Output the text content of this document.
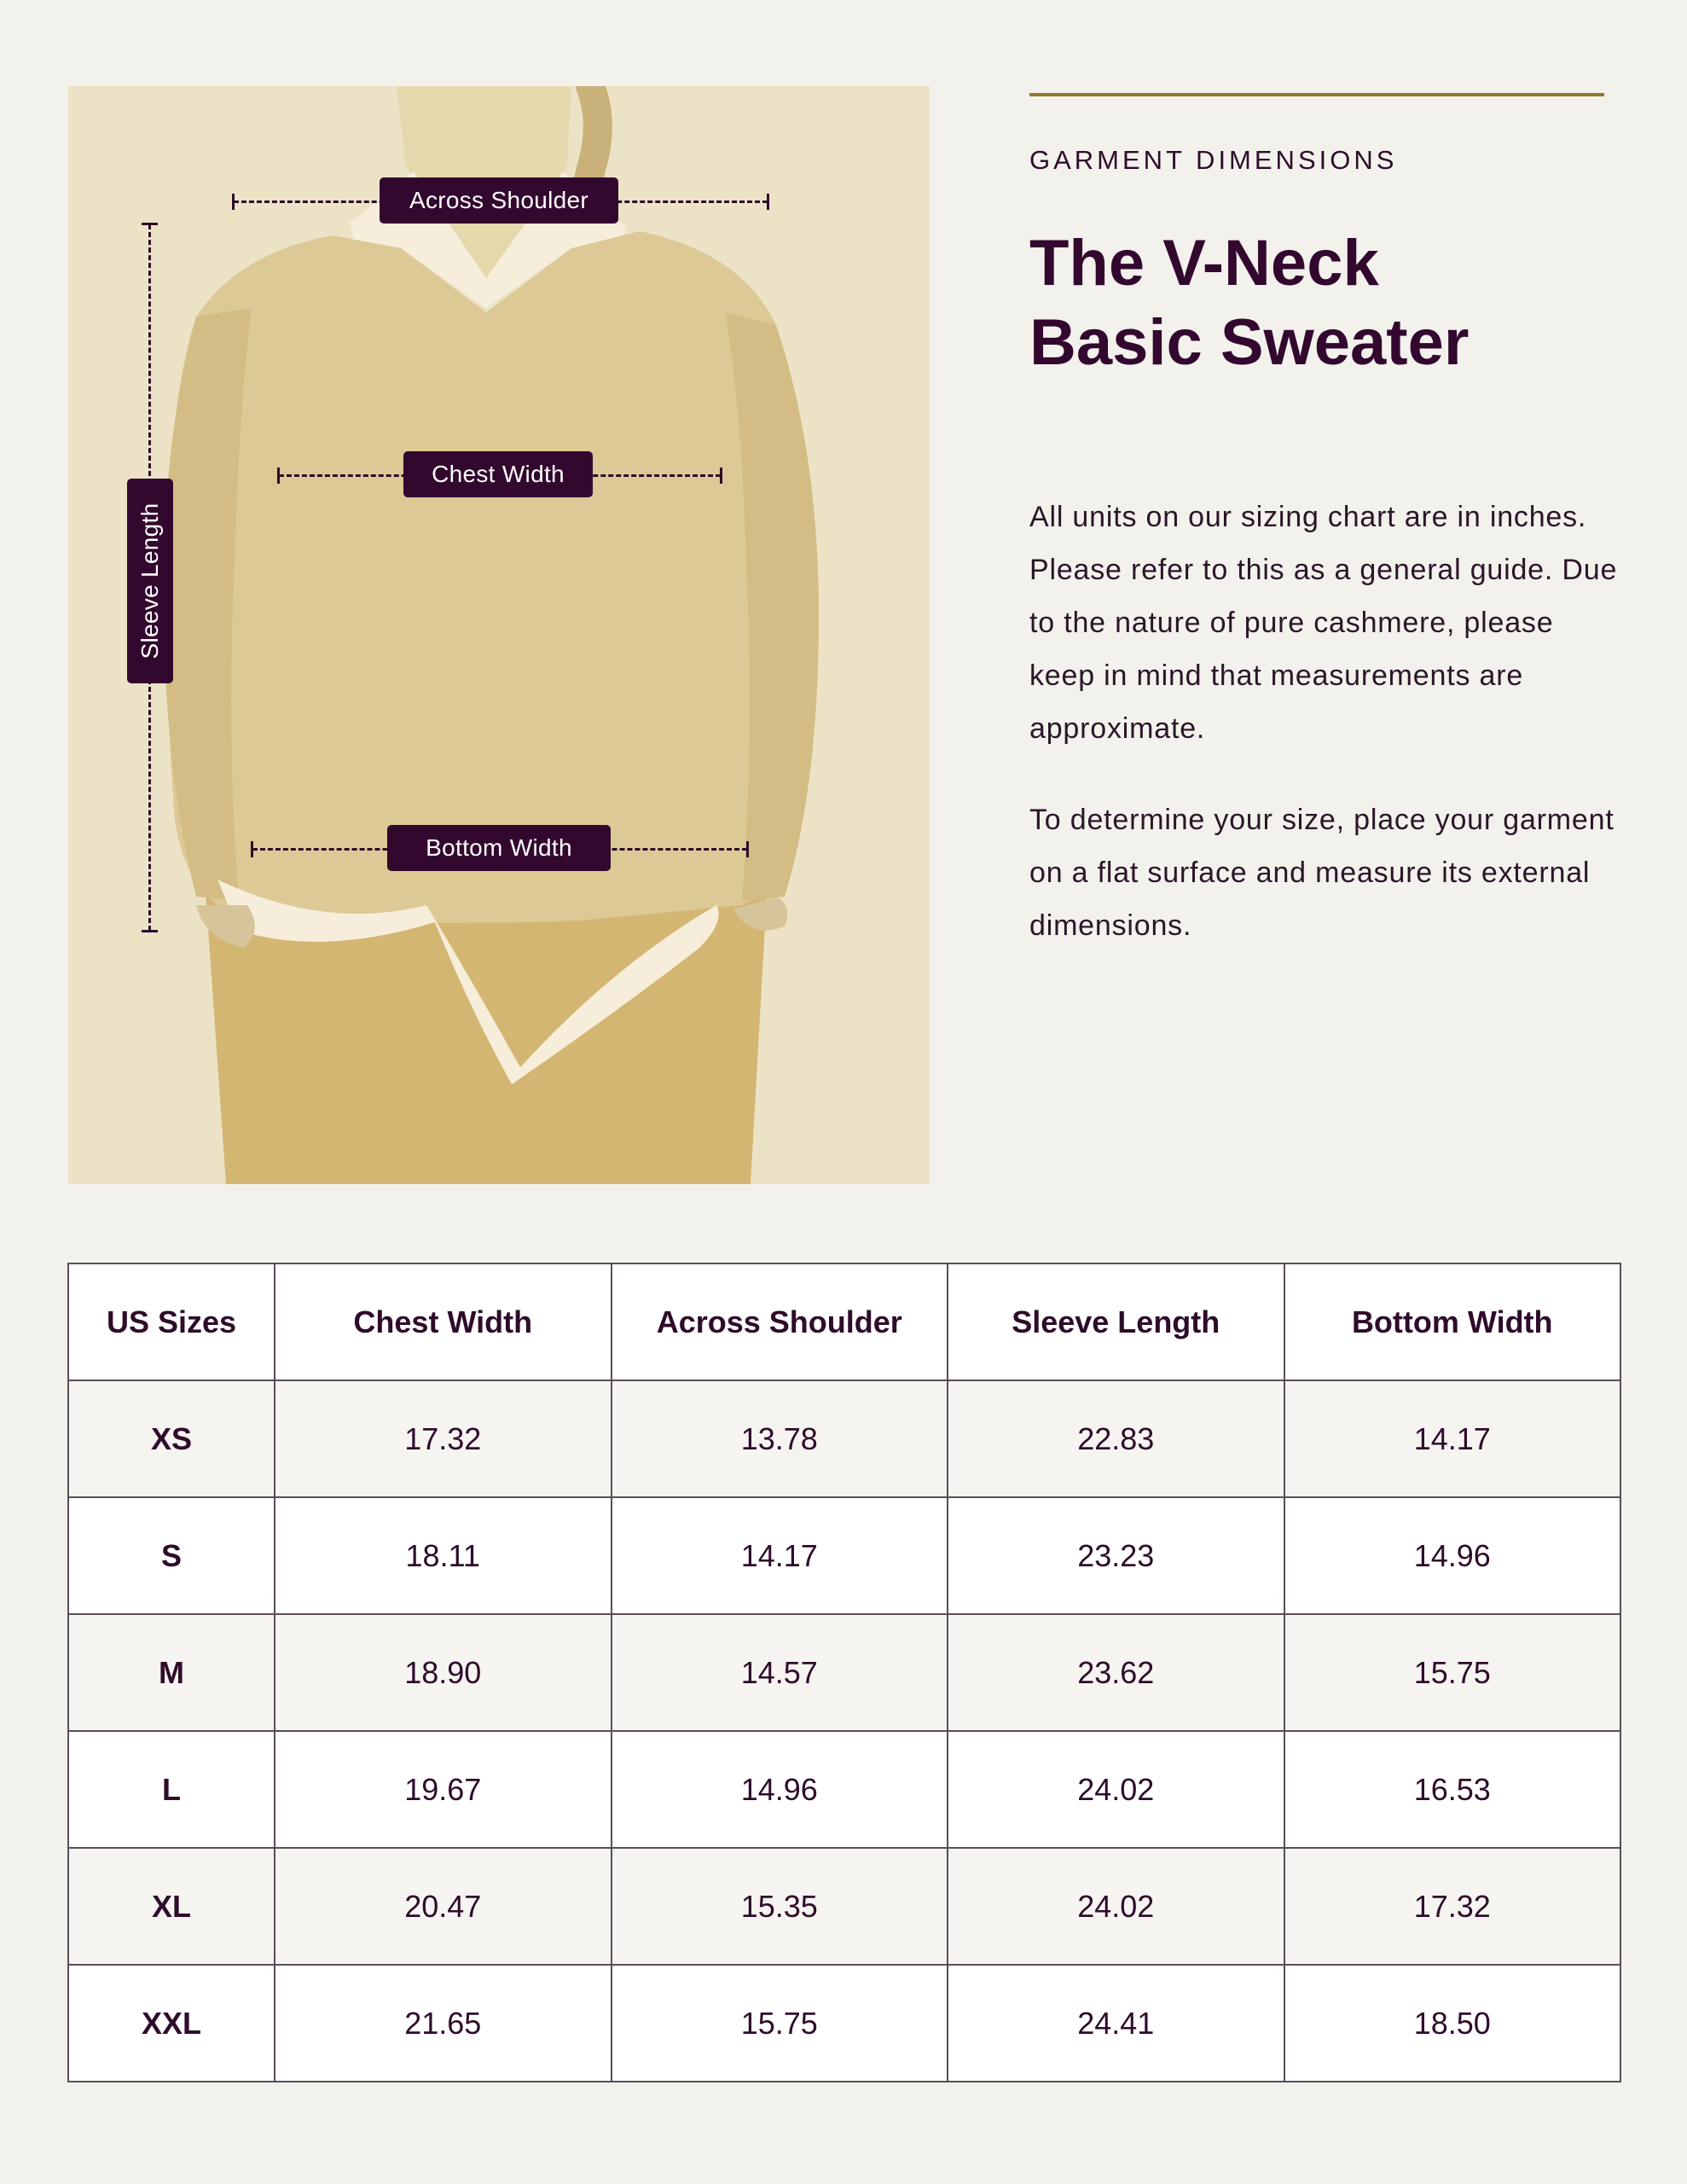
Across Shoulder
Chest Width
Bottom Width
Sleeve Length
GARMENT DIMENSIONS
The V-Neck
Basic Sweater

All units on our sizing chart are in inches. Please refer to this as a general guide. Due to the nature of pure cashmere, please keep in mind that measurements are approximate.

To determine your size, place your garment on a flat surface and measure its external dimensions.

US Sizes	Chest Width	Across Shoulder	Sleeve Length	Bottom Width
XS	17.32	13.78	22.83	14.17
S	18.11	14.17	23.23	14.96
M	18.90	14.57	23.62	15.75
L	19.67	14.96	24.02	16.53
XL	20.47	15.35	24.02	17.32
XXL	21.65	15.75	24.41	18.50
